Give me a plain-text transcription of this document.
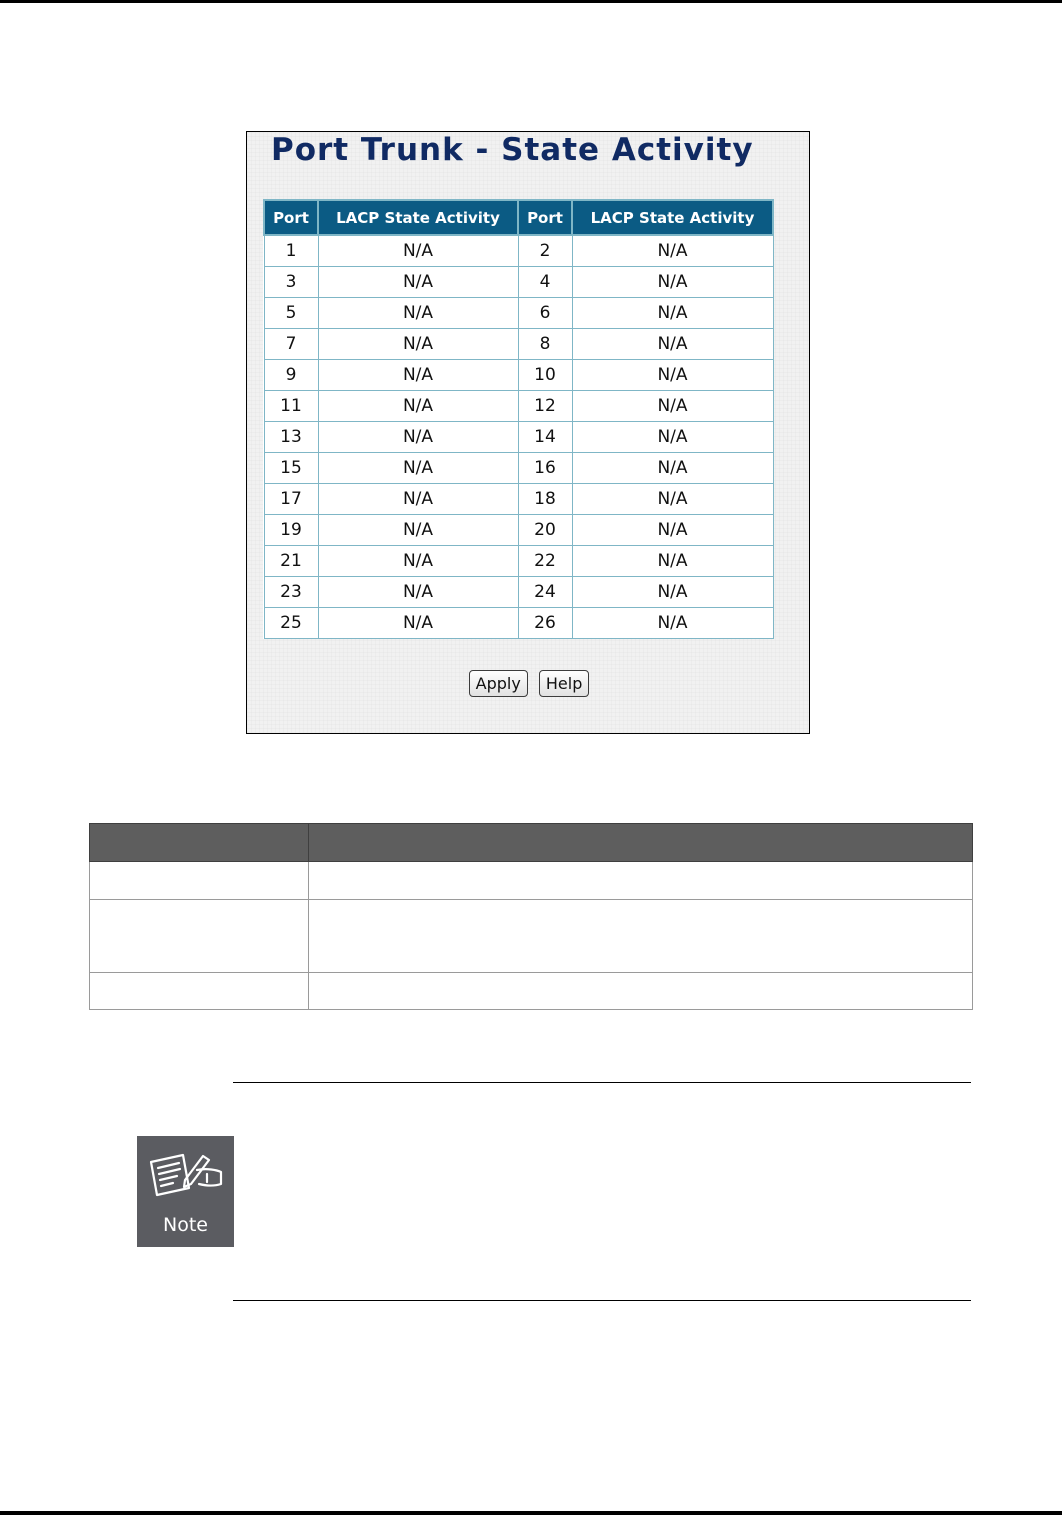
Port Trunk - State Activity
Port	LACP State Activity	Port	LACP State Activity
1	N/A	2	N/A
3	N/A	4	N/A
5	N/A	6	N/A
7	N/A	8	N/A
9	N/A	10	N/A
11	N/A	12	N/A
13	N/A	14	N/A
15	N/A	16	N/A
17	N/A	18	N/A
19	N/A	20	N/A
21	N/A	22	N/A
23	N/A	24	N/A
25	N/A	26	N/A
Apply Help

Note
